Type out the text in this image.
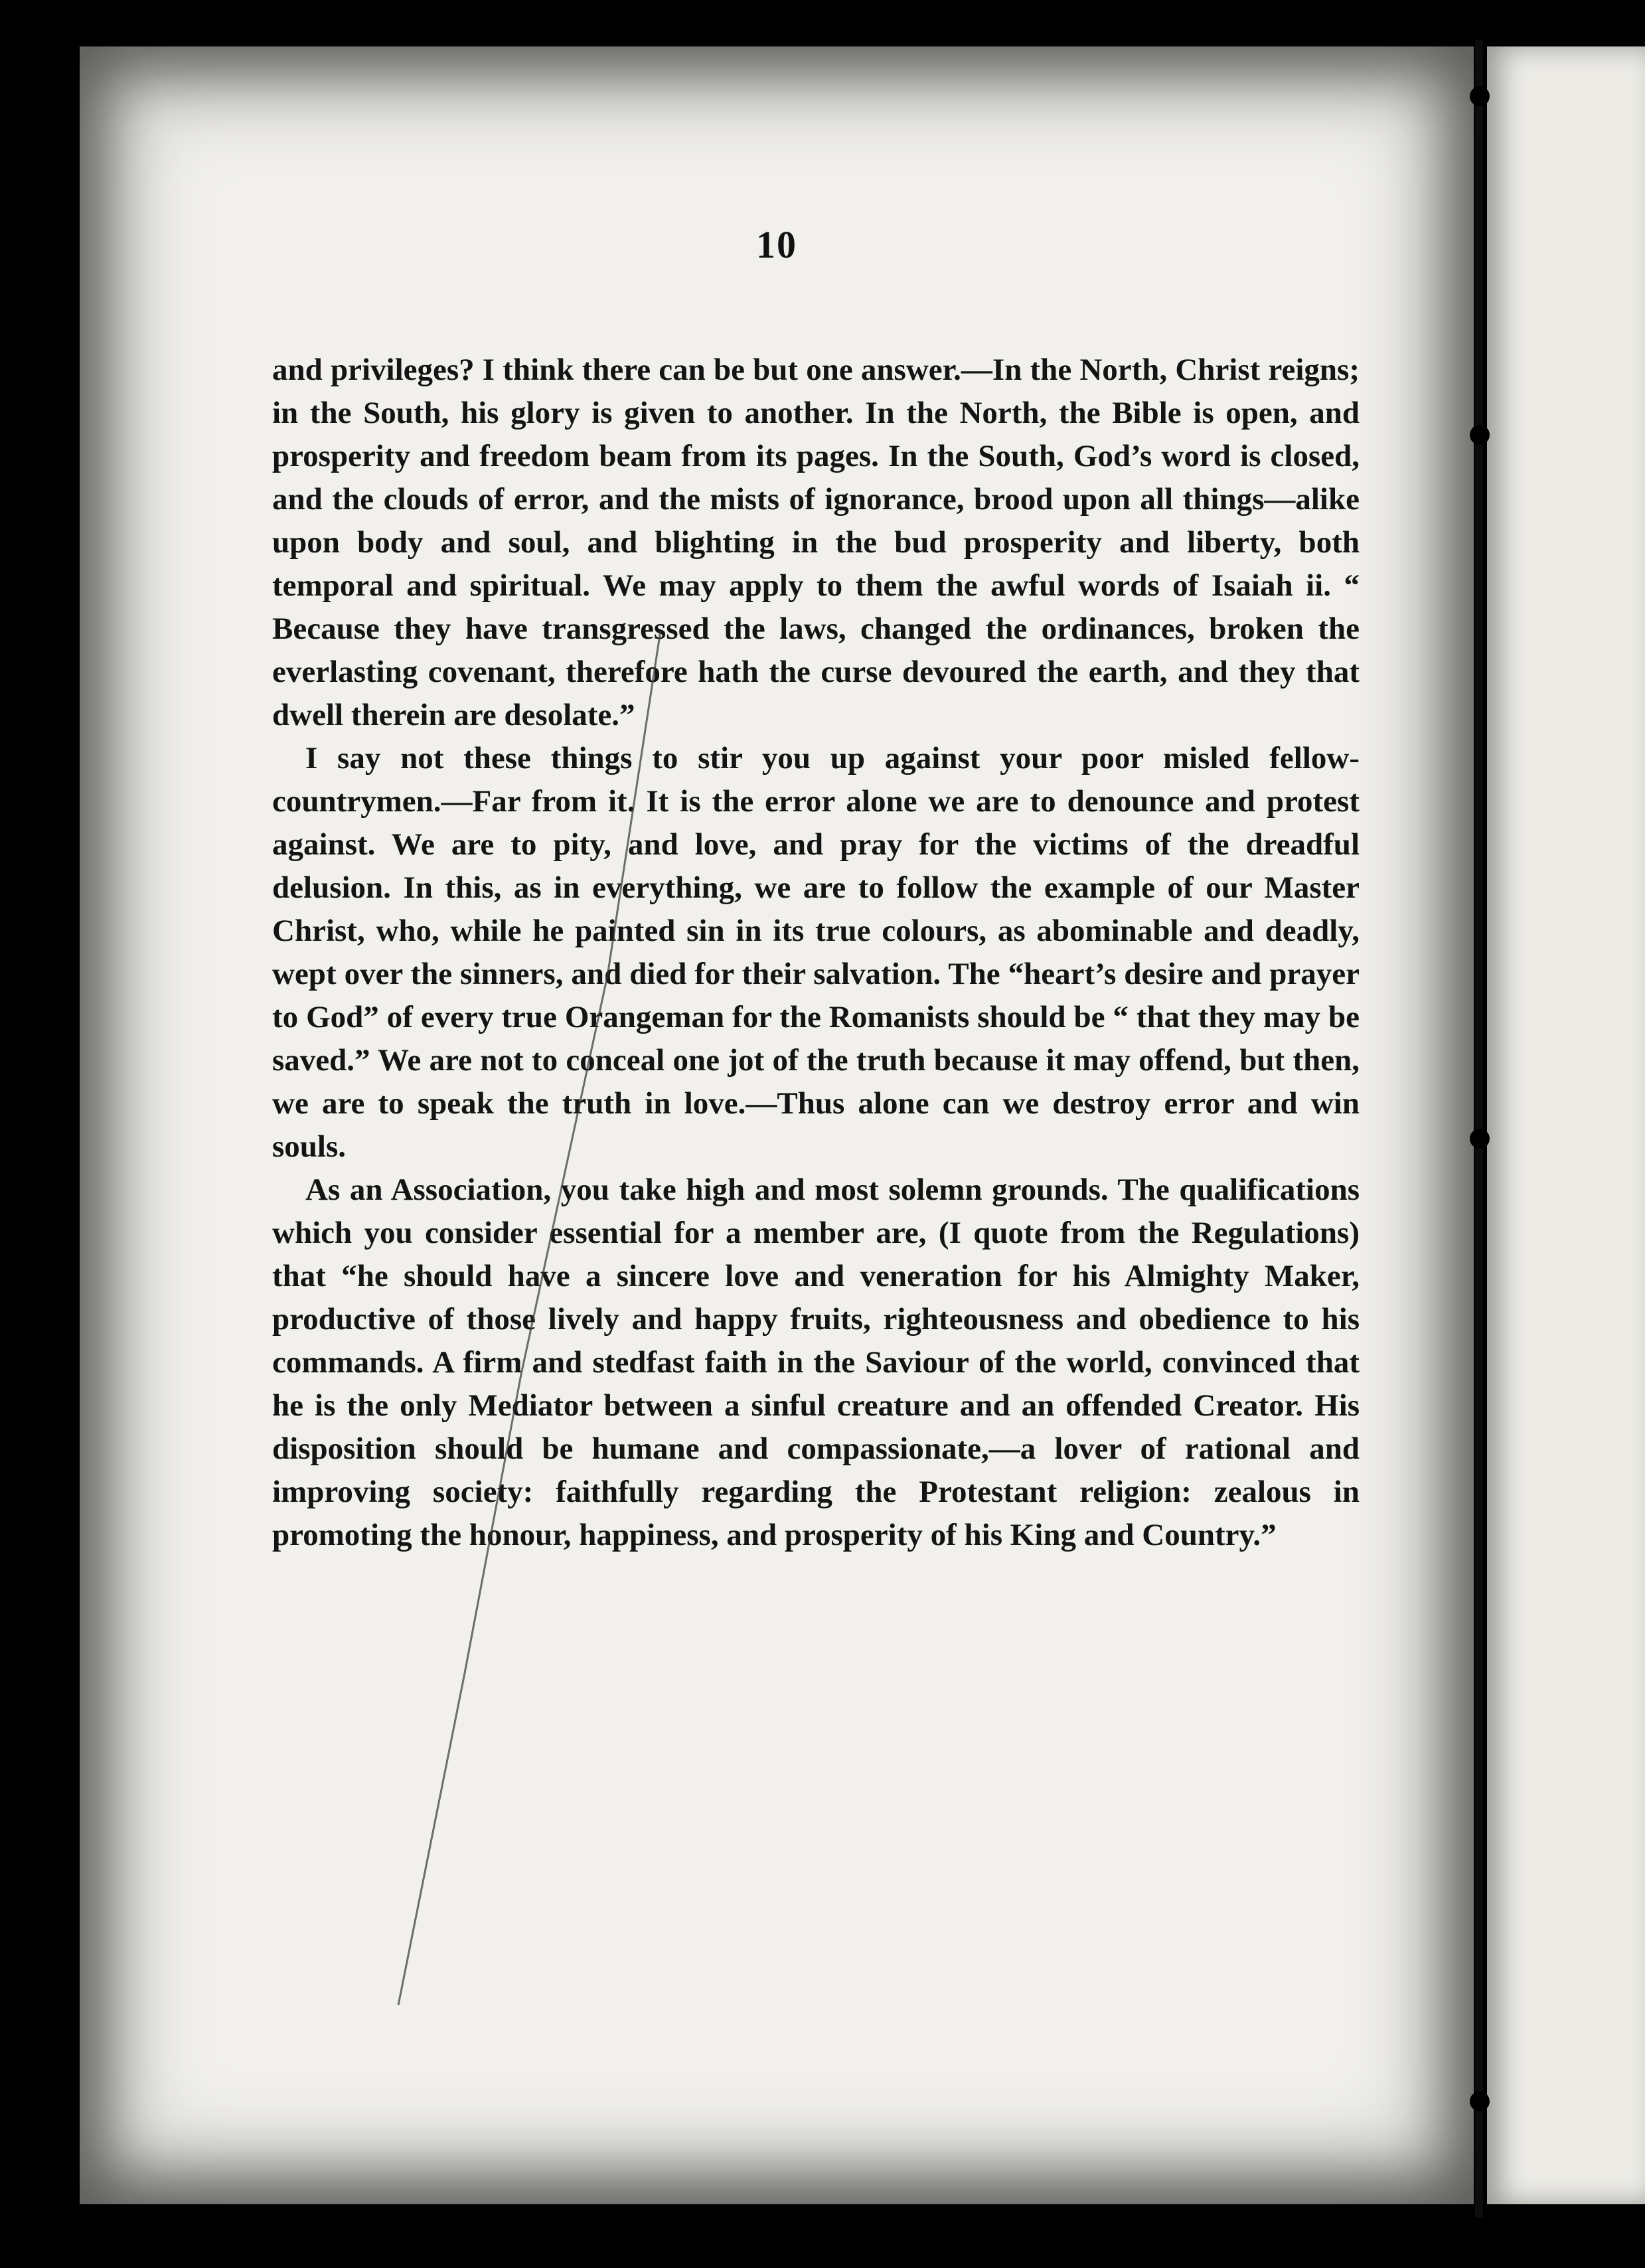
10

and privileges? I think there can be but one answer.—In the North, Christ reigns; in the South, his glory is given to another. In the North, the Bible is open, and prosperity and freedom beam from its pages. In the South, God’s word is closed, and the clouds of error, and the mists of ignorance, brood upon all things—alike upon body and soul, and blighting in the bud prosperity and liberty, both temporal and spiritual. We may apply to them the awful words of Isaiah ii. “ Because they have transgressed the laws, changed the ordinances, broken the everlasting covenant, therefore hath the curse devoured the earth, and they that dwell therein are desolate.”

I say not these things to stir you up against your poor misled fellow-countrymen.—Far from it. It is the error alone we are to denounce and protest against. We are to pity, and love, and pray for the victims of the dreadful delusion. In this, as in everything, we are to follow the example of our Master Christ, who, while he painted sin in its true colours, as abominable and deadly, wept over the sinners, and died for their salvation. The “heart’s desire and prayer to God” of every true Orangeman for the Romanists should be “ that they may be saved.” We are not to conceal one jot of the truth because it may offend, but then, we are to speak the truth in love.—Thus alone can we destroy error and win souls.

As an Association, you take high and most solemn grounds. The qualifications which you consider essential for a member are, (I quote from the Regulations) that “he should have a sincere love and veneration for his Almighty Maker, productive of those lively and happy fruits, righteousness and obedience to his commands. A firm and stedfast faith in the Saviour of the world, convinced that he is the only Mediator between a sinful creature and an offended Creator. His disposition should be humane and compassionate,—a lover of rational and improving society: faithfully regarding the Protestant religion: zealous in promoting the honour, happiness, and prosperity of his King and Country.”
